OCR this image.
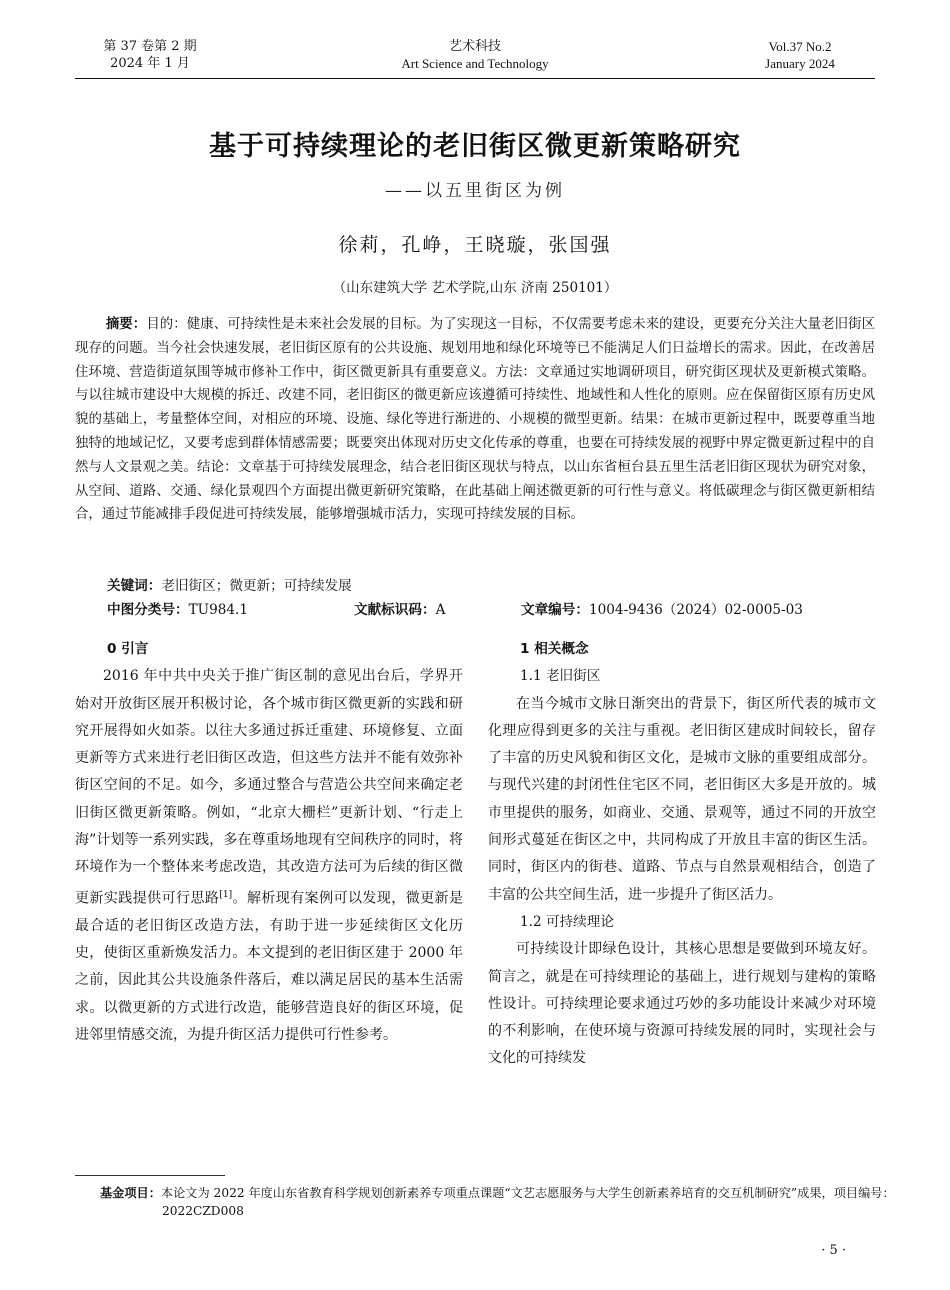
第 37 卷第 2 期
2024 年 1 月
艺术科技
Art Science and Technology
Vol.37 No.2
January 2024
基于可持续理论的老旧街区微更新策略研究
——以五里街区为例
徐莉，孔峥，王晓璇，张国强
（山东建筑大学 艺术学院,山东 济南 250101）
摘要：目的：健康、可持续性是未来社会发展的目标。为了实现这一目标，不仅需要考虑未来的建设，更要充分关注大量老旧街区现存的问题。当今社会快速发展，老旧街区原有的公共设施、规划用地和绿化环境等已不能满足人们日益增长的需求。因此，在改善居住环境、营造街道氛围等城市修补工作中，街区微更新具有重要意义。方法：文章通过实地调研项目，研究街区现状及更新模式策略。与以往城市建设中大规模的拆迁、改建不同，老旧街区的微更新应该遵循可持续性、地域性和人性化的原则。应在保留街区原有历史风貌的基础上，考量整体空间，对相应的环境、设施、绿化等进行渐进的、小规模的微型更新。结果：在城市更新过程中，既要尊重当地独特的地域记忆，又要考虑到群体情感需要；既要突出体现对历史文化传承的尊重，也要在可持续发展的视野中界定微更新过程中的自然与人文景观之美。结论：文章基于可持续发展理念，结合老旧街区现状与特点，以山东省桓台县五里生活老旧街区现状为研究对象，从空间、道路、交通、绿化景观四个方面提出微更新研究策略，在此基础上阐述微更新的可行性与意义。将低碳理念与街区微更新相结合，通过节能减排手段促进可持续发展，能够增强城市活力，实现可持续发展的目标。
关键词：老旧街区；微更新；可持续发展
中图分类号：TU984.1	文献标识码：A	文章编号：1004-9436（2024）02-0005-03
0 引言

2016 年中共中央关于推广街区制的意见出台后，学界开始对开放街区展开积极讨论，各个城市街区微更新的实践和研究开展得如火如荼。以往大多通过拆迁重建、环境修复、立面更新等方式来进行老旧街区改造，但这些方法并不能有效弥补街区空间的不足。如今，多通过整合与营造公共空间来确定老旧街区微更新策略。例如，“北京大栅栏”更新计划、“行走上海”计划等一系列实践，多在尊重场地现有空间秩序的同时，将环境作为一个整体来考虑改造，其改造方法可为后续的街区微更新实践提供可行思路[1]。解析现有案例可以发现，微更新是最合适的老旧街区改造方法，有助于进一步延续街区文化历史，使街区重新焕发活力。本文提到的老旧街区建于 2000 年之前，因此其公共设施条件落后，难以满足居民的基本生活需求。以微更新的方式进行改造，能够营造良好的街区环境，促进邻里情感交流，为提升街区活力提供可行性参考。

1 相关概念
1.1 老旧街区

在当今城市文脉日渐突出的背景下，街区所代表的城市文化理应得到更多的关注与重视。老旧街区建成时间较长，留存了丰富的历史风貌和街区文化，是城市文脉的重要组成部分。与现代兴建的封闭性住宅区不同，老旧街区大多是开放的。城市里提供的服务，如商业、交通、景观等，通过不同的开放空间形式蔓延在街区之中，共同构成了开放且丰富的街区生活。同时，街区内的街巷、道路、节点与自然景观相结合，创造了丰富的公共空间生活，进一步提升了街区活力。

1.2 可持续理论

可持续设计即绿色设计，其核心思想是要做到环境友好。简言之，就是在可持续理论的基础上，进行规划与建构的策略性设计。可持续理论要求通过巧妙的多功能设计来减少对环境的不利影响，在使环境与资源可持续发展的同时，实现社会与文化的可持续发

基金项目：本论文为 2022 年度山东省教育科学规划创新素养专项重点课题“文艺志愿服务与大学生创新素养培育的交互机制研究”成果，项目编号：2022CZD008
· 5 ·
